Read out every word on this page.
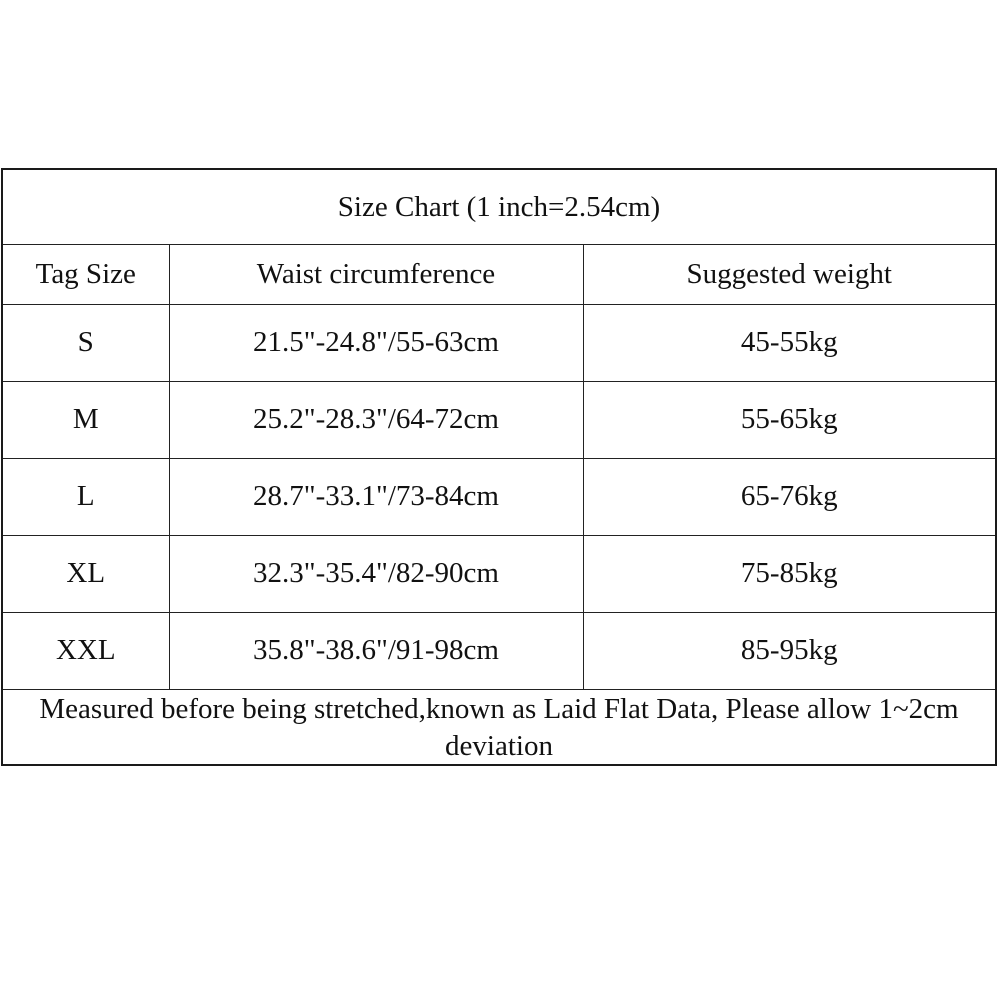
Size Chart (1 inch=2.54cm)		
Tag Size	Waist circumference	Suggested weight
S	21.5"-24.8"/55-63cm	45-55kg
M	25.2"-28.3"/64-72cm	55-65kg
L	28.7"-33.1"/73-84cm	65-76kg
XL	32.3"-35.4"/82-90cm	75-85kg
XXL	35.8"-38.6"/91-98cm	85-95kg
Measured before being stretched,known as Laid Flat Data, Please allow 1~2cm deviation		
